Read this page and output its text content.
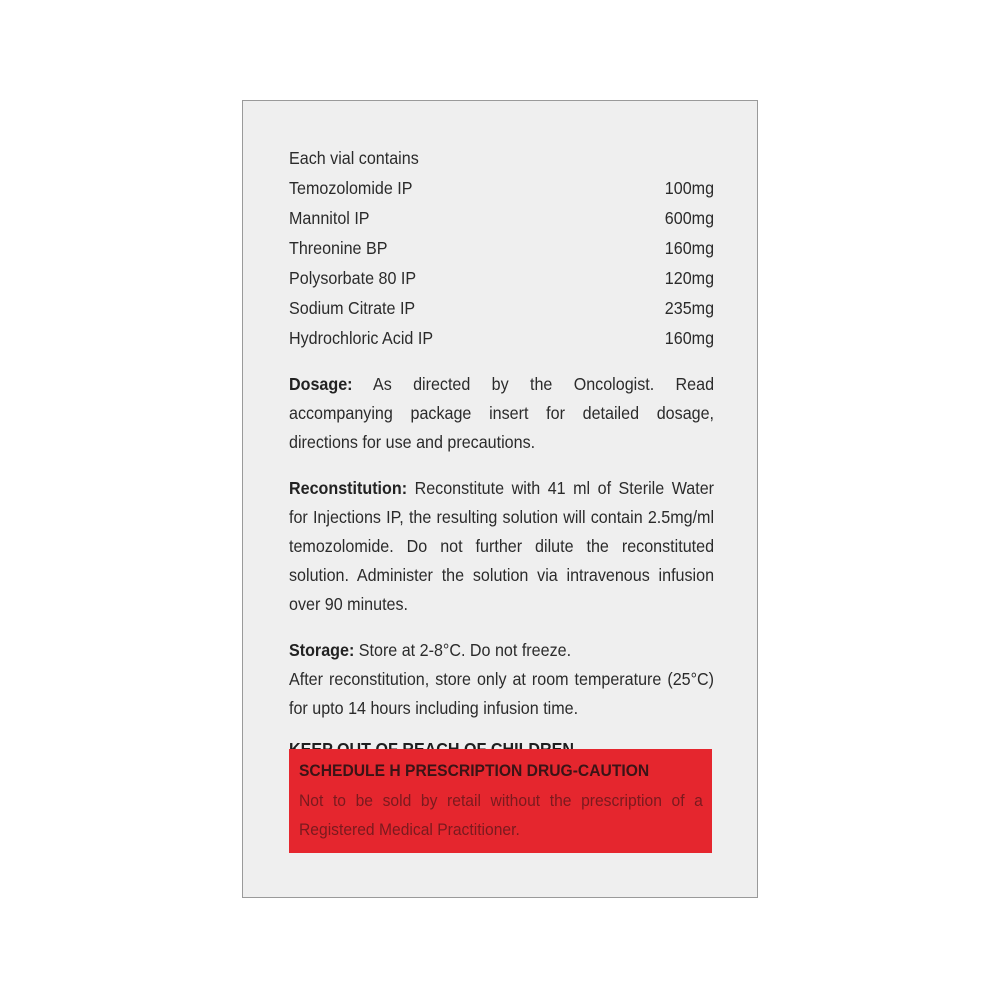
Each vial contains
Temozolomide IP	100mg
Mannitol IP	600mg
Threonine BP	160mg
Polysorbate 80 IP	120mg
Sodium Citrate IP	235mg
Hydrochloric Acid IP	160mg

Dosage: As directed by the Oncologist. Read accompanying package insert for detailed dosage, directions for use and precautions.

Reconstitution: Reconstitute with 41 ml of Sterile Water for Injections IP, the resulting solution will contain 2.5mg/ml temozolomide. Do not further dilute the reconstituted solution. Administer the solution via intravenous infusion over 90 minutes.

Storage: Store at 2-8°C. Do not freeze.

After reconstitution, store only at room temperature (25°C) for upto 14 hours including infusion time.

SCHEDULE H PRESCRIPTION DRUG-CAUTION
Not to be sold by retail without the prescription of a Registered Medical Practitioner.
